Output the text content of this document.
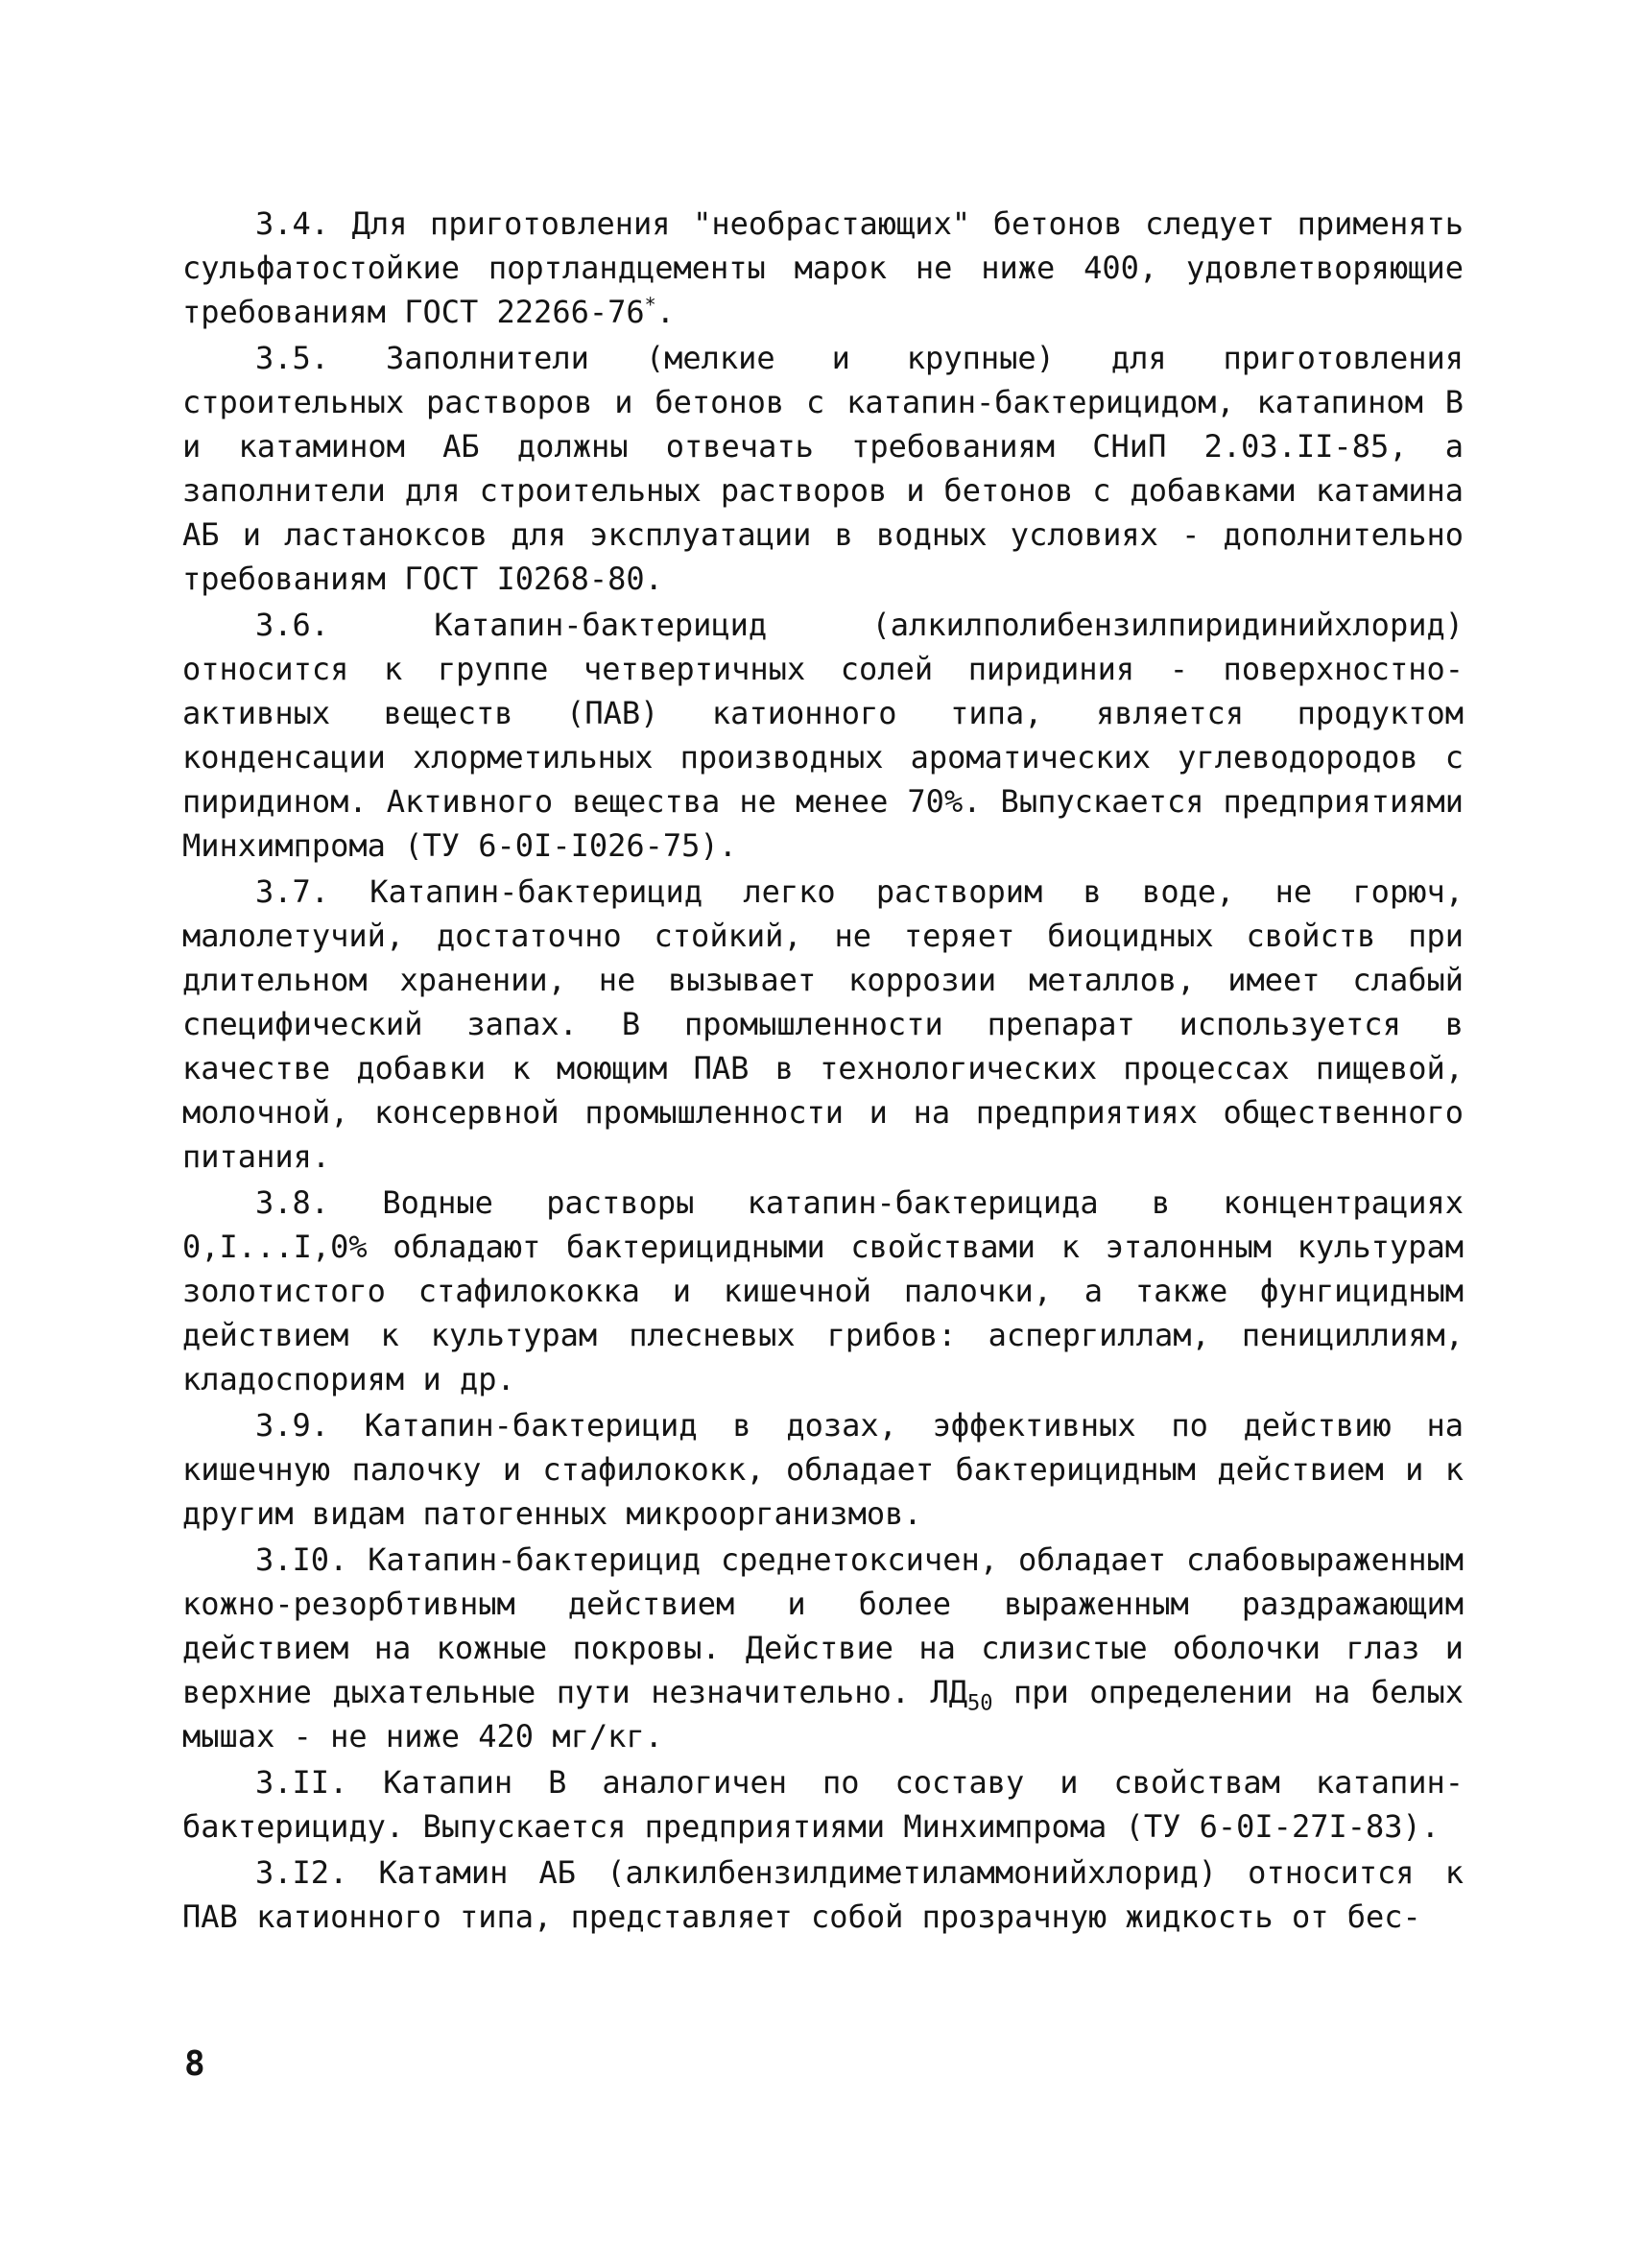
3.4. Для приготовления "необрастающих" бетонов следует применять сульфатостойкие портландцементы марок не ниже 400, удовлетворяющие требованиям ГОСТ 22266-76*.

3.5. Заполнители (мелкие и крупные) для приготовления строительных растворов и бетонов с катапин-бактерицидом, катапином В и катамином АБ должны отвечать требованиям СНиП 2.03.II-85, а заполнители для строительных растворов и бетонов с добавками катамина АБ и ластаноксов для эксплуатации в водных условиях - дополнительно требованиям ГОСТ I0268-80.

3.6. Катапин-бактерицид (алкилполибензилпиридинийхлорид) относится к группе четвертичных солей пиридиния - поверхностно-активных веществ (ПАВ) катионного типа, является продуктом конденсации хлорметильных производных ароматических углеводородов с пиридином. Активного вещества не менее 70%. Выпускается предприятиями Минхимпрома (ТУ 6-0I-I026-75).

3.7. Катапин-бактерицид легко растворим в воде, не горюч, малолетучий, достаточно стойкий, не теряет биоцидных свойств при длительном хранении, не вызывает коррозии металлов, имеет слабый специфический запах. В промышленности препарат используется в качестве добавки к моющим ПАВ в технологических процессах пищевой, молочной, консервной промышленности и на предприятиях общественного питания.

3.8. Водные растворы катапин-бактерицида в концентрациях 0,I...I,0% обладают бактерицидными свойствами к эталонным культурам золотистого стафилококка и кишечной палочки, а также фунгицидным действием к культурам плесневых грибов: аспергиллам, пенициллиям, кладоспориям и др.

3.9. Катапин-бактерицид в дозах, эффективных по действию на кишечную палочку и стафилококк, обладает бактерицидным действием и к другим видам патогенных микроорганизмов.

3.I0. Катапин-бактерицид среднетоксичен, обладает слабовыраженным кожно-резорбтивным действием и более выраженным раздражающим действием на кожные покровы. Действие на слизистые оболочки глаз и верхние дыхательные пути незначительно. $ЛД_{50}$ при определении на белых мышах - не ниже 420 мг/кг.

3.II. Катапин В аналогичен по составу и свойствам катапин-бактерициду. Выпускается предприятиями Минхимпрома (ТУ 6-0I-27I-83).

3.I2. Катамин АБ (алкилбензилдиметиламмонийхлорид) относится к ПАВ катионного типа, представляет собой прозрачную жидкость от бес-

8
